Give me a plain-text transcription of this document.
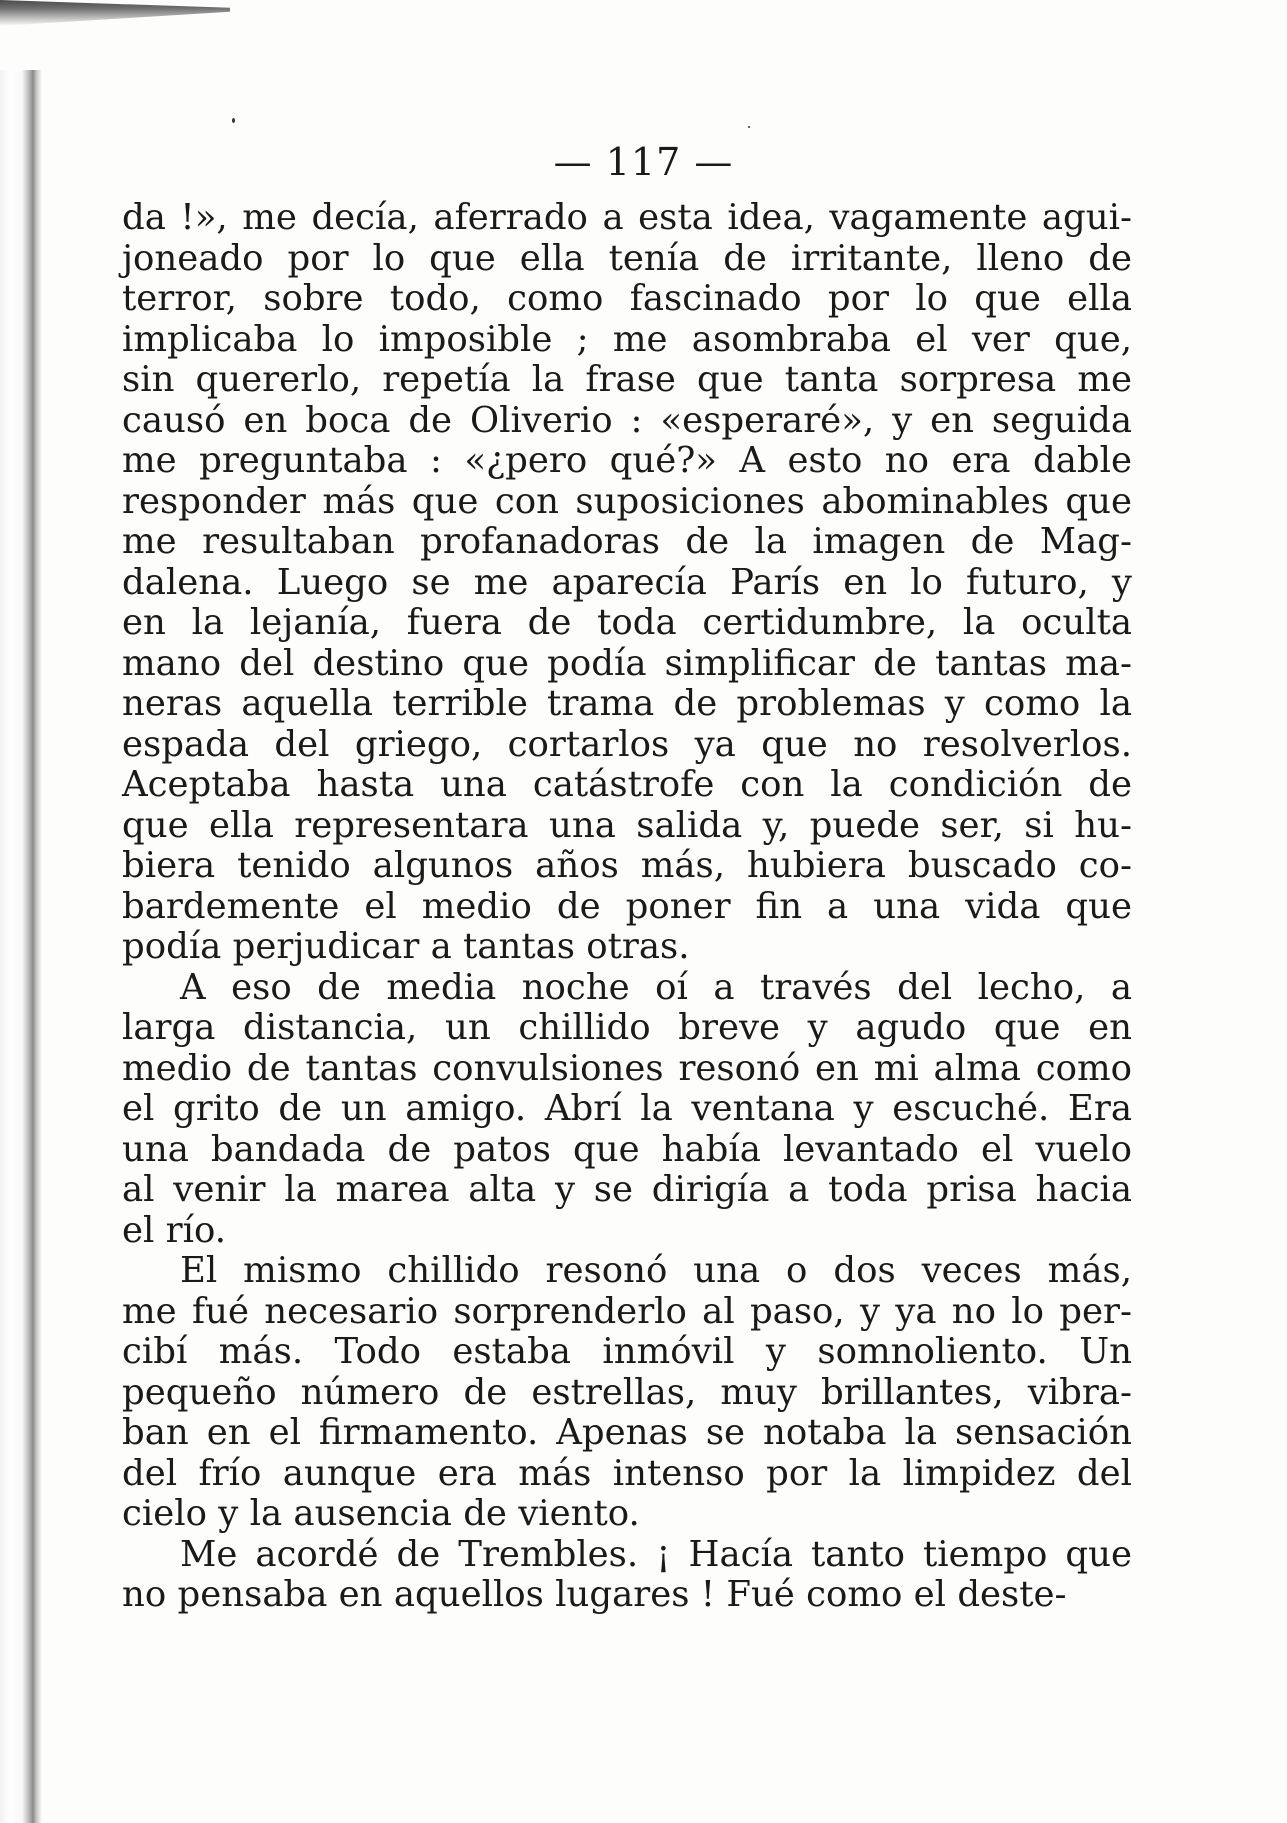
— 117 —
da !», me decía, aferrado a esta idea, vagamente agui-
joneado por lo que ella tenía de irritante, lleno de
terror, sobre todo, como fascinado por lo que ella
implicaba lo imposible ; me asombraba el ver que,
sin quererlo, repetía la frase que tanta sorpresa me
causó en boca de Oliverio : «esperaré», y en seguida
me preguntaba : «¿pero qué?» A esto no era dable
responder más que con suposiciones abominables que
me resultaban profanadoras de la imagen de Mag-
dalena. Luego se me aparecía París en lo futuro, y
en la lejanía, fuera de toda certidumbre, la oculta
mano del destino que podía simplificar de tantas ma-
neras aquella terrible trama de problemas y como la
espada del griego, cortarlos ya que no resolverlos.
Aceptaba hasta una catástrofe con la condición de
que ella representara una salida y, puede ser, si hu-
biera tenido algunos años más, hubiera buscado co-
bardemente el medio de poner fin a una vida que
podía perjudicar a tantas otras.
A eso de media noche oí a través del lecho, a
larga distancia, un chillido breve y agudo que en
medio de tantas convulsiones resonó en mi alma como
el grito de un amigo. Abrí la ventana y escuché. Era
una bandada de patos que había levantado el vuelo
al venir la marea alta y se dirigía a toda prisa hacia
el río.
El mismo chillido resonó una o dos veces más,
me fué necesario sorprenderlo al paso, y ya no lo per-
cibí más. Todo estaba inmóvil y somnoliento. Un
pequeño número de estrellas, muy brillantes, vibra-
ban en el firmamento. Apenas se notaba la sensación
del frío aunque era más intenso por la limpidez del
cielo y la ausencia de viento.
Me acordé de Trembles. ¡ Hacía tanto tiempo que
no pensaba en aquellos lugares ! Fué como el deste-
